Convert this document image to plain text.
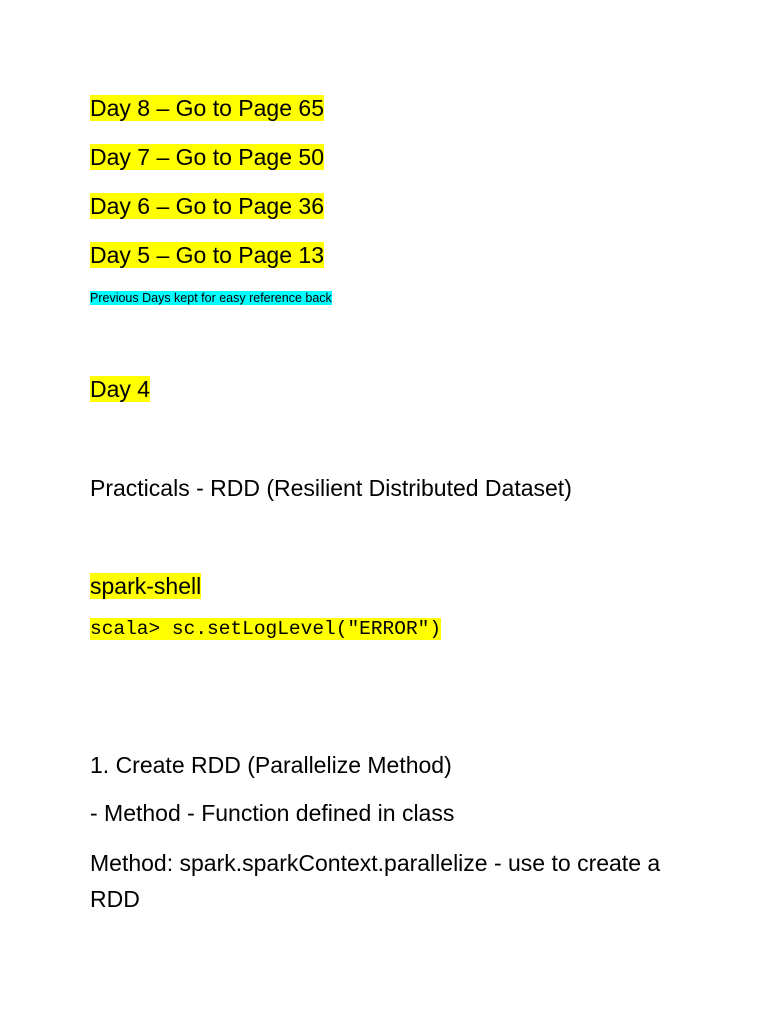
Day 8 – Go to Page 65
Day 7 – Go to Page 50
Day 6 – Go to Page 36
Day 5 – Go to Page 13
Previous Days kept for easy reference back
Day 4
Practicals - RDD (Resilient Distributed Dataset)
spark-shell
scala> sc.setLogLevel("ERROR")
1. Create RDD (Parallelize Method)
- Method - Function defined in class
Method: spark.sparkContext.parallelize - use to create a RDD
